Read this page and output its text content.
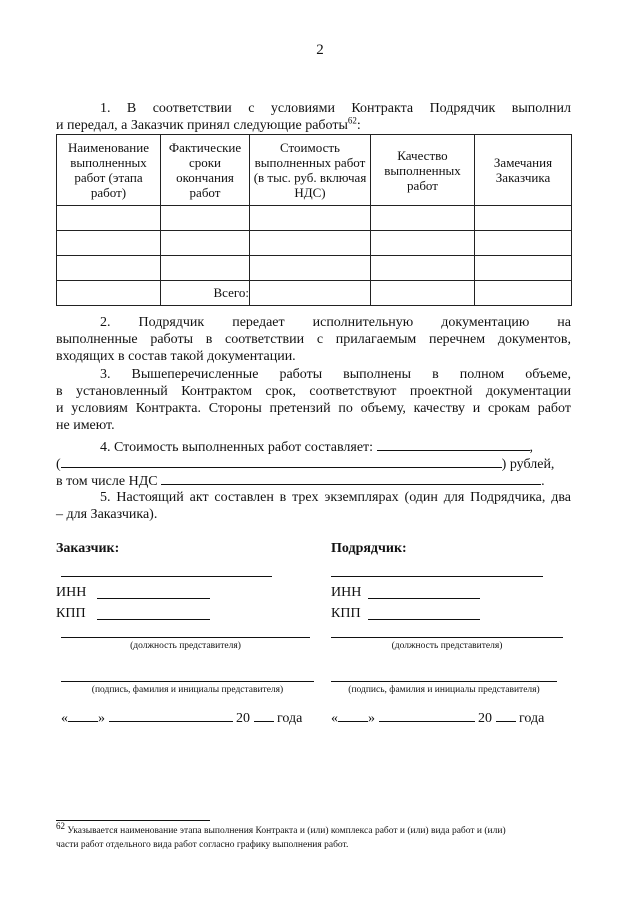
2
1. В соответствии с условиями Контракта Подрядчик выполнил
и передал, а Заказчик принял следующие работы$^{62}$:
Наименование выполненных работ (этапа работ)	Фактические сроки окончания работ	Стоимость выполненных работ (в тыс. руб. включая НДС)	Качество выполненных работ	Замечания Заказчика

	Всего:			
2. Подрядчик передает исполнительную документацию на
выполненные работы в соответствии с прилагаемым перечнем документов,
входящих в состав такой документации.
3. Вышеперечисленные работы выполнены в полном объеме,
в установленный Контрактом срок, соответствуют проектной документации
и условиям Контракта. Стороны претензий по объему, качеству и срокам работ
не имеют.
4. Стоимость выполненных работ составляет:	,
(	) рублей,
в том числе НДС	.
5. Настоящий акт составлен в трех экземплярах (один для Подрядчика, два
– для Заказчика).
Заказчик:
ИНН
КПП
(должность представителя)
(подпись, фамилия и инициалы представителя)
« »	20 года
Подрядчик:
ИНН
КПП
(должность представителя)
(подпись, фамилия и инициалы представителя)
« »	20 года
$^{62}$ Указывается наименование этапа выполнения Контракта и (или) комплекса работ и (или) вида работ и (или)
части работ отдельного вида работ согласно графику выполнения работ.
